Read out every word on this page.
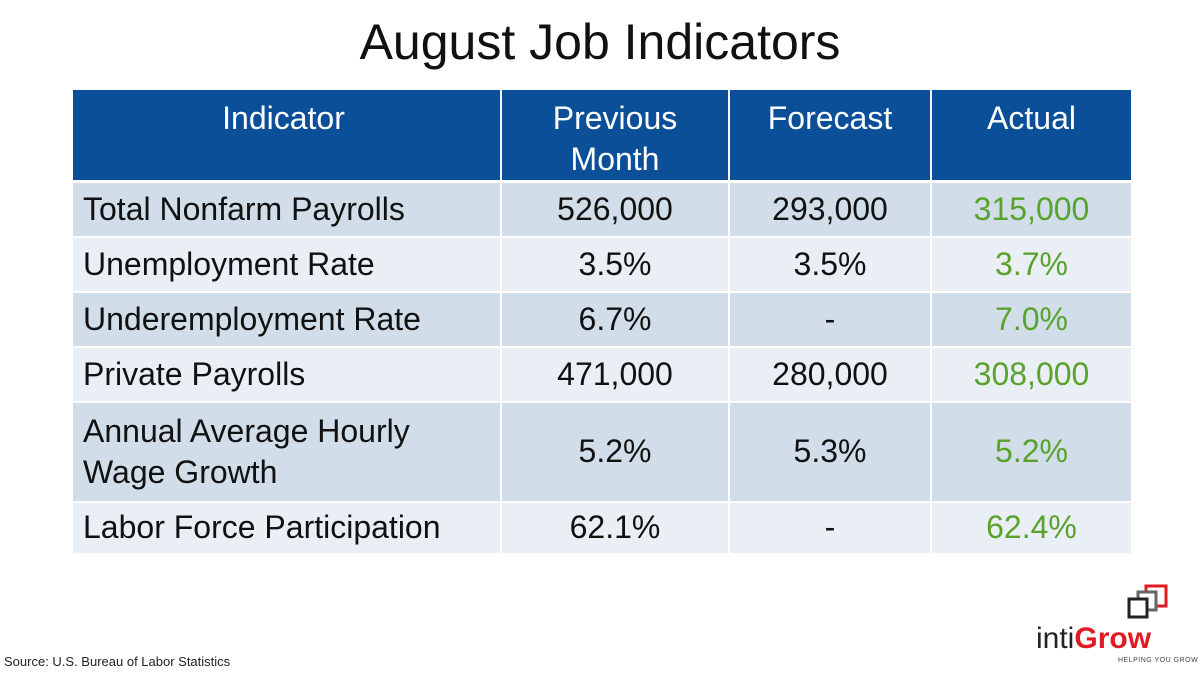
August Job Indicators
Indicator	Previous Month	Forecast	Actual
Total Nonfarm Payrolls	526,000	293,000	315,000
Unemployment Rate	3.5%	3.5%	3.7%
Underemployment Rate	6.7%	-	7.0%
Private Payrolls	471,000	280,000	308,000
Annual Average Hourly Wage Growth	5.2%	5.3%	5.2%
Labor Force Participation	62.1%	-	62.4%
Source: U.S. Bureau of Labor Statistics
intiGrow
HELPING YOU GROW
